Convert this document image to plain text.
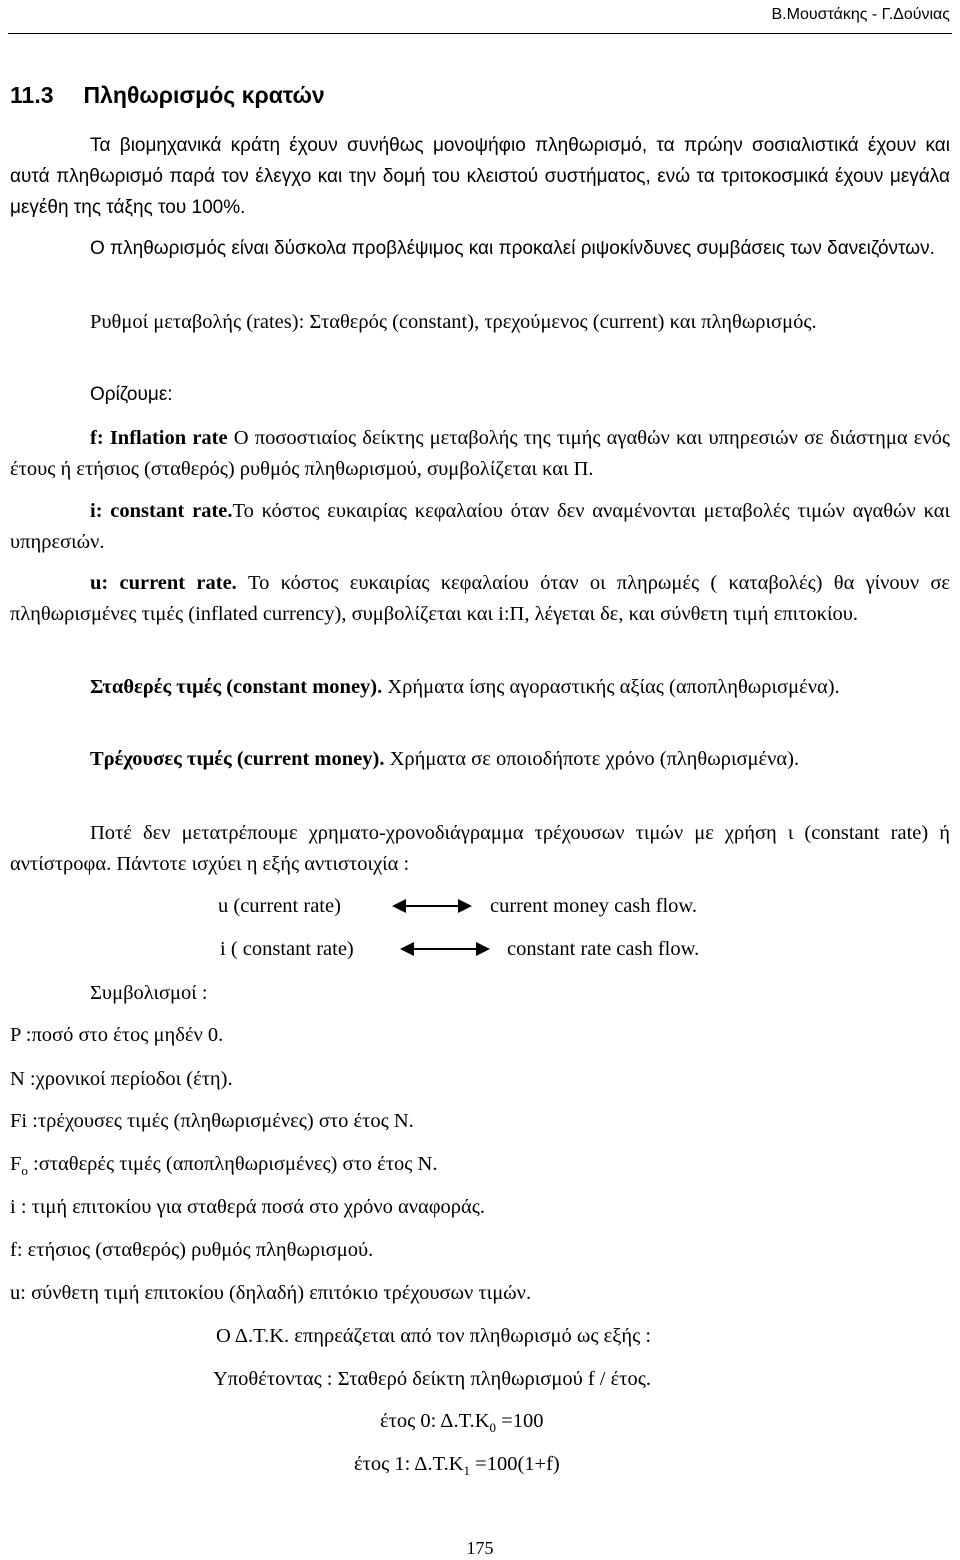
Β.Μουστάκης - Γ.Δούνιας
11.3 Πληθωρισμός κρατών
Τα βιομηχανικά κράτη έχουν συνήθως μονοψήφιο πληθωρισμό, τα πρώην σοσιαλιστικά έχουν και αυτά πληθωρισμό παρά τον έλεγχο και την δομή του κλειστού συστήματος, ενώ τα τριτοκοσμικά έχουν μεγάλα μεγέθη της τάξης του 100%.
Ο πληθωρισμός είναι δύσκολα προβλέψιμος και προκαλεί ριψοκίνδυνες συμβάσεις των δανειζόντων.
Ρυθμοί μεταβολής (rates): Σταθερός (constant), τρεχούμενος (current) και πληθωρισμός.
Ορίζουμε:
f: Inflation rate Ο ποσοστιαίος δείκτης μεταβολής της τιμής αγαθών και υπηρεσιών σε διάστημα ενός έτους ή ετήσιος (σταθερός) ρυθμός πληθωρισμού, συμβολίζεται και Π.
i: constant rate.Το κόστος ευκαιρίας κεφαλαίου όταν δεν αναμένονται μεταβολές τιμών αγαθών και υπηρεσιών.
u: current rate. Το κόστος ευκαιρίας κεφαλαίου όταν οι πληρωμές ( καταβολές) θα γίνουν σε πληθωρισμένες τιμές (inflated currency), συμβολίζεται και i:Π, λέγεται δε, και σύνθετη τιμή επιτοκίου.
Σταθερές τιμές (constant money). Χρήματα ίσης αγοραστικής αξίας (αποπληθωρισμένα).
Τρέχουσες τιμές (current money). Χρήματα σε οποιοδήποτε χρόνο (πληθωρισμένα).
Ποτέ δεν μετατρέπουμε χρηματο-χρονοδιάγραμμα τρέχουσων τιμών με χρήση ι (constant rate) ή αντίστροφα. Πάντοτε ισχύει η εξής αντιστοιχία :
u (current rate)	current money cash flow.
i ( constant rate)	constant rate cash flow.
Συμβολισμοί :
P :ποσό στο έτος μηδέν 0.
N :χρονικοί περίοδοι (έτη).
Fi :τρέχουσες τιμές (πληθωρισμένες) στο έτος N.
$F_o$ :σταθερές τιμές (αποπληθωρισμένες) στο έτος N.
i : τιμή επιτοκίου για σταθερά ποσά στο χρόνο αναφοράς.
f: ετήσιος (σταθερός) ρυθμός πληθωρισμού.
u: σύνθετη τιμή επιτοκίου (δηλαδή) επιτόκιο τρέχουσων τιμών.
Ο Δ.Τ.Κ. επηρεάζεται από τον πληθωρισμό ως εξής :
Υποθέτοντας : Σταθερό δείκτη πληθωρισμού f / έτος.
έτος 0: $\Delta.T.K_0 =100$
έτος 1: $\Delta.T.K_1 =100(1+f)$
175
